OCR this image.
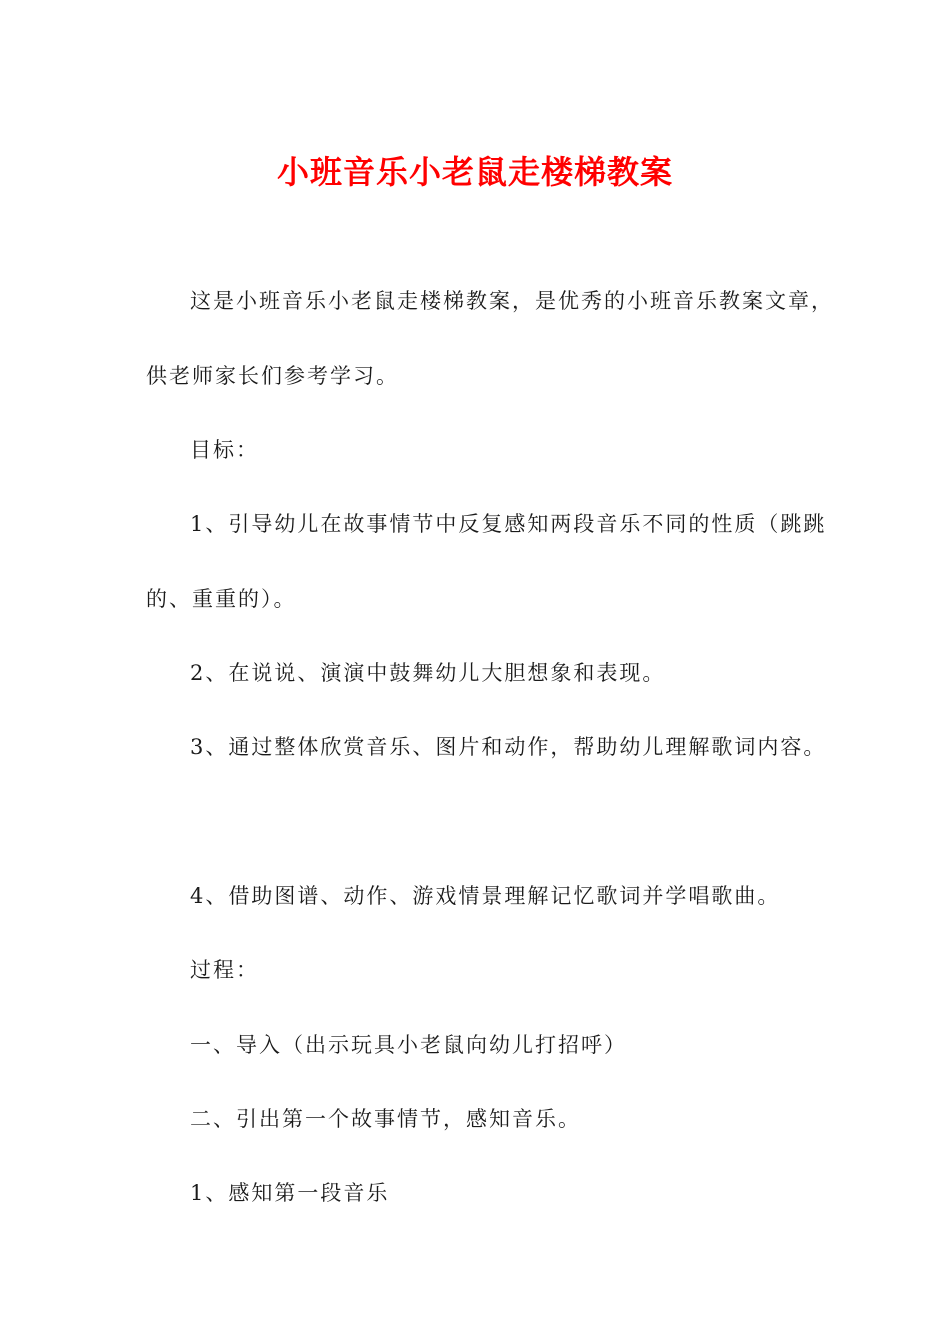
小班音乐小老鼠走楼梯教案
这是小班音乐小老鼠走楼梯教案，是优秀的小班音乐教案文章，
供老师家长们参考学习。
目标：
1、引导幼儿在故事情节中反复感知两段音乐不同的性质（跳跳
的、重重的）。
2、在说说、演演中鼓舞幼儿大胆想象和表现。
3、通过整体欣赏音乐、图片和动作，帮助幼儿理解歌词内容。
4、借助图谱、动作、游戏情景理解记忆歌词并学唱歌曲。
过程：
一、导入（出示玩具小老鼠向幼儿打招呼）
二、引出第一个故事情节，感知音乐。
1、感知第一段音乐
